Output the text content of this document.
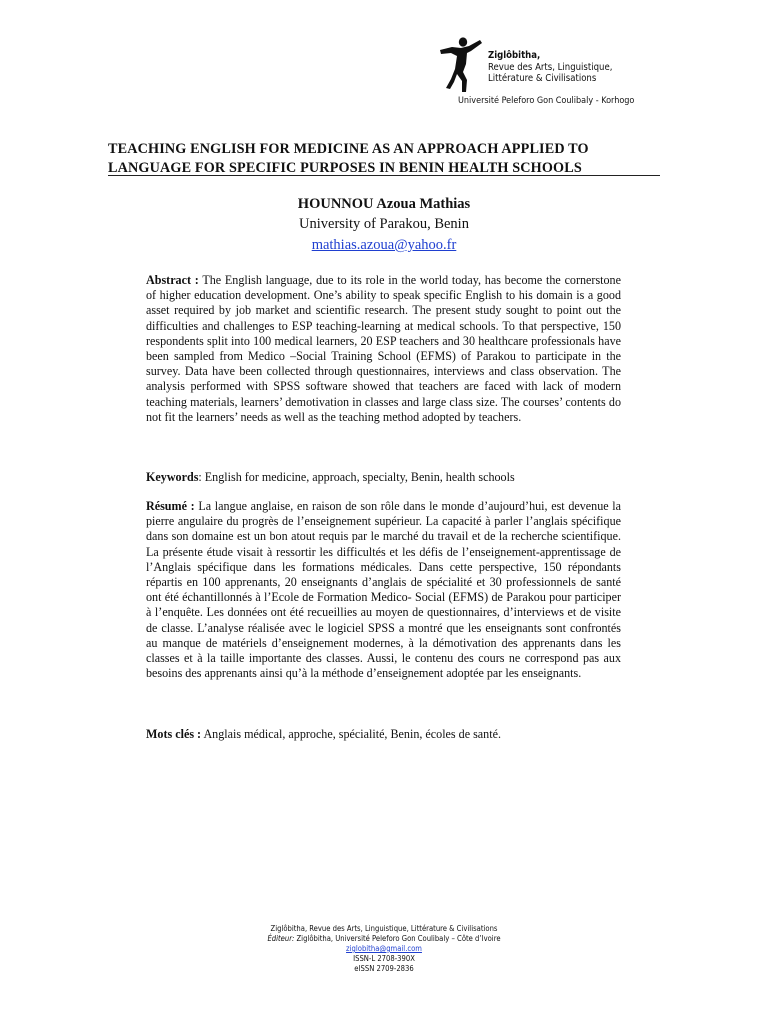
Ziglôbitha,
Revue des Arts, Linguistique,
Littérature & Civilisations
Université Peleforo Gon Coulibaly - Korhogo
TEACHING ENGLISH FOR MEDICINE AS AN APPROACH APPLIED TO
LANGUAGE FOR SPECIFIC PURPOSES IN BENIN HEALTH SCHOOLS
HOUNNOU Azoua Mathias
University of Parakou, Benin
mathias.azoua@yahoo.fr

Abstract : The English language, due to its role in the world today, has become the cornerstone of higher education development. One’s ability to speak specific English to his domain is a good asset required by job market and scientific research. The present study sought to point out the difficulties and challenges to ESP teaching-learning at medical schools. To that perspective, 150 respondents split into 100 medical learners, 20 ESP teachers and 30 healthcare professionals have been sampled from Medico –Social Training School (EFMS) of Parakou to participate in the survey. Data have been collected through questionnaires, interviews and class observation. The analysis performed with SPSS software showed that teachers are faced with lack of modern teaching materials, learners’ demotivation in classes and large class size. The courses’ contents do not fit the learners’ needs as well as the teaching method adopted by teachers.

Keywords: English for medicine, approach, specialty, Benin, health schools

Résumé : La langue anglaise, en raison de son rôle dans le monde d’aujourd’hui, est devenue la pierre angulaire du progrès de l’enseignement supérieur. La capacité à parler l’anglais spécifique dans son domaine est un bon atout requis par le marché du travail et de la recherche scientifique. La présente étude visait à ressortir les difficultés et les défis de l’enseignement-apprentissage de l’Anglais spécifique dans les formations médicales. Dans cette perspective, 150 répondants répartis en 100 apprenants, 20 enseignants d’anglais de spécialité et 30 professionnels de santé ont été échantillonnés à l’Ecole de Formation Medico- Social (EFMS) de Parakou pour participer à l’enquête. Les données ont été recueillies au moyen de questionnaires, d’interviews et de visite de classe. L’analyse réalisée avec le logiciel SPSS a montré que les enseignants sont confrontés au manque de matériels d’enseignement modernes, à la démotivation des apprenants dans les classes et à la taille importante des classes. Aussi, le contenu des cours ne correspond pas aux besoins des apprenants ainsi qu’à la méthode d’enseignement adoptée par les enseignants.

Mots clés : Anglais médical, approche, spécialité, Benin, écoles de santé.

Ziglôbitha, Revue des Arts, Linguistique, Littérature & Civilisations
Éditeur: Ziglôbitha, Université Peleforo Gon Coulibaly – Côte d’Ivoire
ziglobitha@gmail.com
ISSN-L 2708-390X
eISSN 2709-2836
